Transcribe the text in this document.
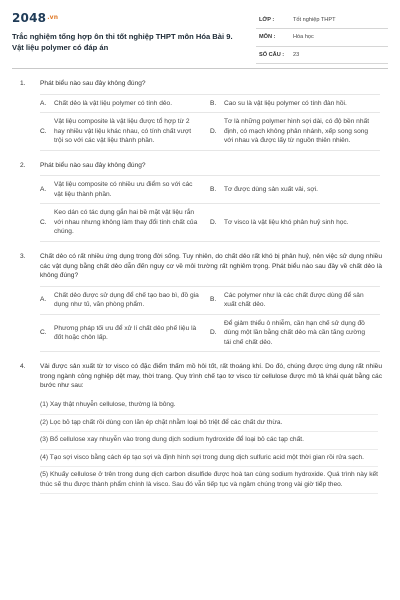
2048.vn
Trắc nghiệm tổng hợp ôn thi tốt nghiệp THPT môn Hóa Bài 9. Vật liệu polymer có đáp án
LỚP :	Tốt nghiệp THPT
MÔN :	Hóa học
SỐ CÂU :	23
1.	Phát biểu nào sau đây không đúng?
A.	Chất dẻo là vật liệu polymer có tính dẻo.	B.	Cao su là vật liệu polymer có tính đàn hồi.
C.
Vật liệu composite là vật liệu được tổ hợp từ 2 hay nhiều vật liệu khác nhau, có tính chất vượt trội so với các vật liệu thành phần.
D.
Tơ là những polymer hình sợi dài, có độ bền nhất định, có mạch không phân nhánh, xếp song song với nhau và được lấy từ nguồn thiên nhiên.
2.	Phát biểu nào sau đây không đúng?
A.
Vật liệu composite có nhiều ưu điểm so với các vật liệu thành phần.
B.	Tơ được dùng sản xuất vải, sợi.
C.
Keo dán có tác dụng gắn hai bề mặt vật liệu rắn với nhau nhưng không làm thay đổi tính chất của chúng.
D.	Tơ visco là vật liệu khó phân huỷ sinh học.
3.	Chất dẻo có rất nhiều ứng dụng trong đời sống. Tuy nhiên, do chất dẻo rất khó bị phân huỷ, nên việc sử dụng nhiều các vật dụng bằng chất dẻo dẫn đến nguy cơ về môi trường rất nghiêm trọng. Phát biểu nào sau đây về chất dẻo là không đúng?
A.
Chất dẻo được sử dụng để chế tạo bao bì, đồ gia dụng như tủ, văn phòng phẩm.
B.
Các polymer như là các chất được dùng để sản xuất chất dẻo.
C.
Phương pháp tối ưu để xử lí chất dẻo phế liệu là đốt hoặc chôn lấp.
D.
Để giảm thiểu ô nhiễm, cần hạn chế sử dụng đồ dùng một lần bằng chất dẻo mà cần tăng cường tái chế chất dẻo.
4.	Vải được sản xuất từ tơ visco có đặc điểm thấm mồ hôi tốt, rất thoáng khí. Do đó, chúng được ứng dụng rất nhiều trong ngành công nghiệp dệt may, thời trang. Quy trình chế tạo tơ visco từ cellulose được mô tả khái quát bằng các bước như sau:
(1) Xay thật nhuyễn cellulose, thường là bông.
(2) Lọc bỏ tạp chất rồi dùng con lăn ép chặt nhằm loại bỏ triệt để các chất dư thừa.
(3) Bổ cellulose xay nhuyễn vào trong dung dịch sodium hydroxide để loại bỏ các tạp chất.
(4) Tạo sợi visco bằng cách ép tạo sợi và định hình sợi trong dung dịch sulfuric acid một thời gian rồi rửa sạch.
(5) Khuấy cellulose ở trên trong dung dịch carbon disulfide được hoà tan cùng sodium hydroxide. Quá trình này kết thúc sẽ thu được thành phẩm chính là visco. Sau đó vẫn tiếp tục và ngâm chúng trong vài giờ tiếp theo.
